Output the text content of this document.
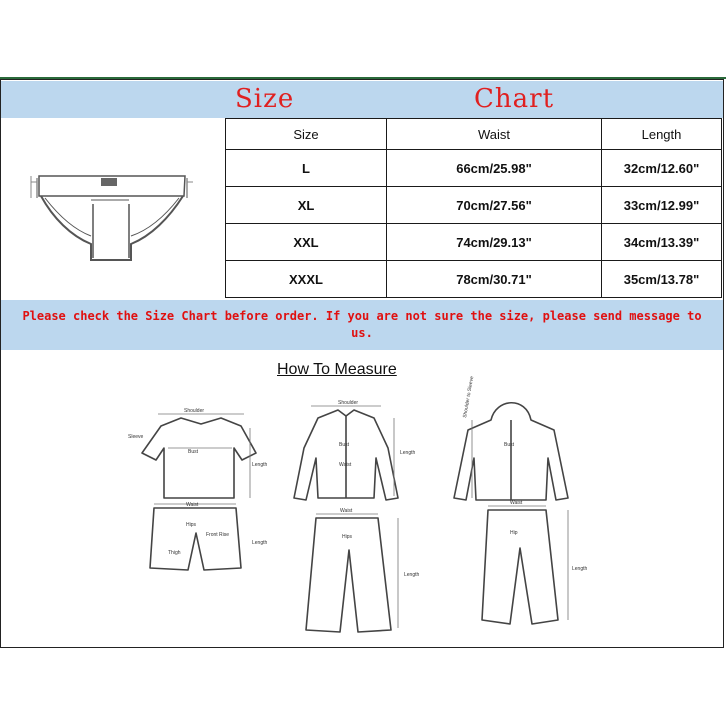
Size	Chart
Size	Waist	Length
L	66cm/25.98"	32cm/12.60"
XL	70cm/27.56"	33cm/12.99"
XXL	74cm/29.13"	34cm/13.39"
XXXL	78cm/30.71"	35cm/13.78"
Please check the Size Chart before order. If you are not sure the size, please send message to us.
How To Measure
Shoulder
Sleeve
Bust
Length
Waist
Hips
Front Rise
Thigh
Length
Shoulder
Bust
Waist
Length
Waist
Hips
Length
Bust
Waist
Hip
Length
Shoulder to Sleeve
